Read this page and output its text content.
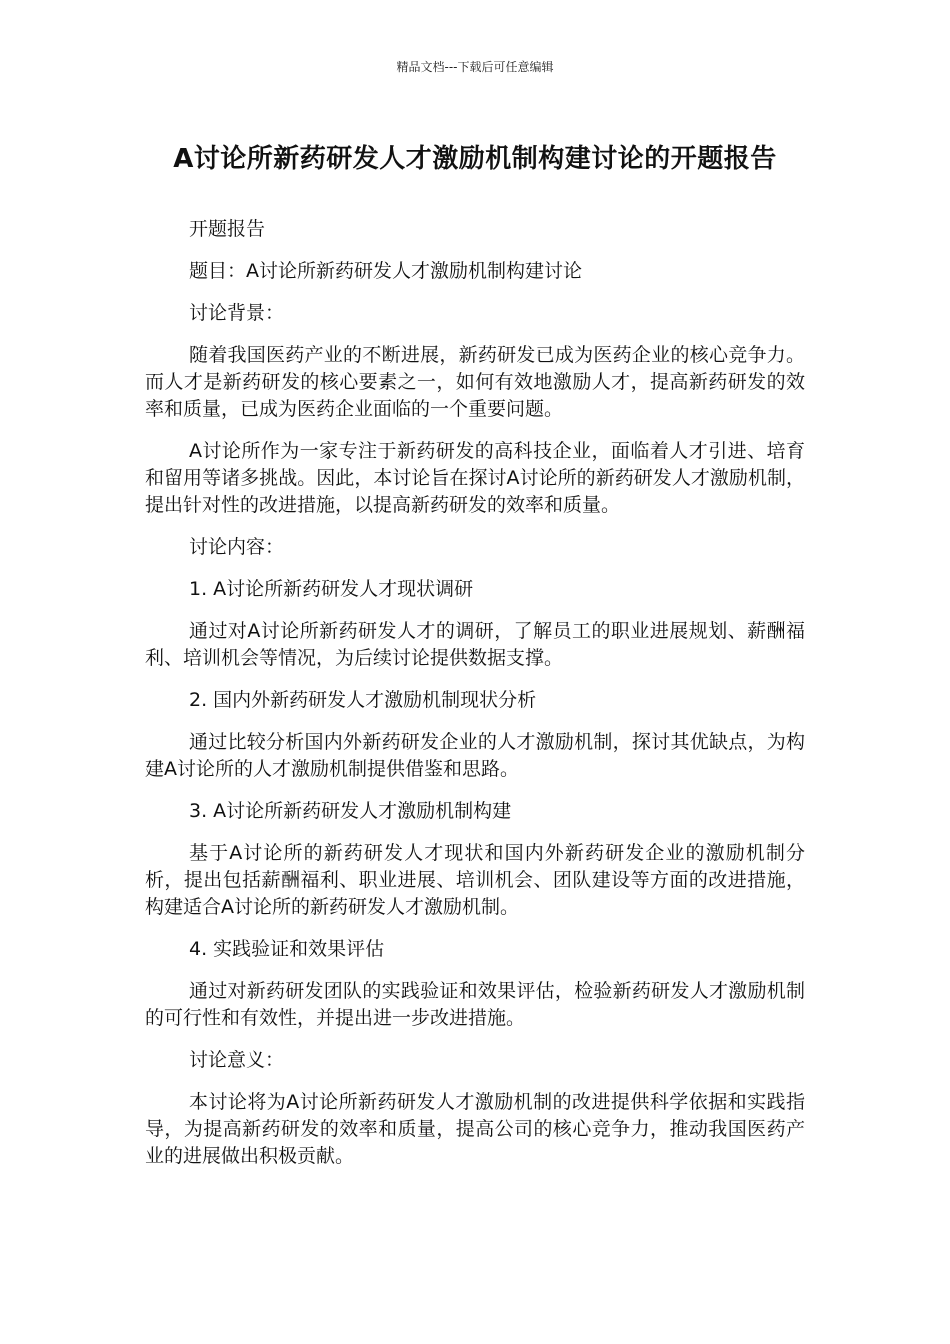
精品文档---下载后可任意编辑
A讨论所新药研发人才激励机制构建讨论的开题报告

开题报告

题目：A讨论所新药研发人才激励机制构建讨论

讨论背景：

随着我国医药产业的不断进展，新药研发已成为医药企业的核心竞争力。而人才是新药研发的核心要素之一，如何有效地激励人才，提高新药研发的效率和质量，已成为医药企业面临的一个重要问题。

A讨论所作为一家专注于新药研发的高科技企业，面临着人才引进、培育和留用等诸多挑战。因此，本讨论旨在探讨A讨论所的新药研发人才激励机制，提出针对性的改进措施，以提高新药研发的效率和质量。

讨论内容：

1. A讨论所新药研发人才现状调研

通过对A讨论所新药研发人才的调研，了解员工的职业进展规划、薪酬福利、培训机会等情况，为后续讨论提供数据支撑。

2. 国内外新药研发人才激励机制现状分析

通过比较分析国内外新药研发企业的人才激励机制，探讨其优缺点，为构建A讨论所的人才激励机制提供借鉴和思路。

3. A讨论所新药研发人才激励机制构建

基于A讨论所的新药研发人才现状和国内外新药研发企业的激励机制分析，提出包括薪酬福利、职业进展、培训机会、团队建设等方面的改进措施，构建适合A讨论所的新药研发人才激励机制。

4. 实践验证和效果评估

通过对新药研发团队的实践验证和效果评估，检验新药研发人才激励机制的可行性和有效性，并提出进一步改进措施。

讨论意义：

本讨论将为A讨论所新药研发人才激励机制的改进提供科学依据和实践指导，为提高新药研发的效率和质量，提高公司的核心竞争力，推动我国医药产业的进展做出积极贡献。
